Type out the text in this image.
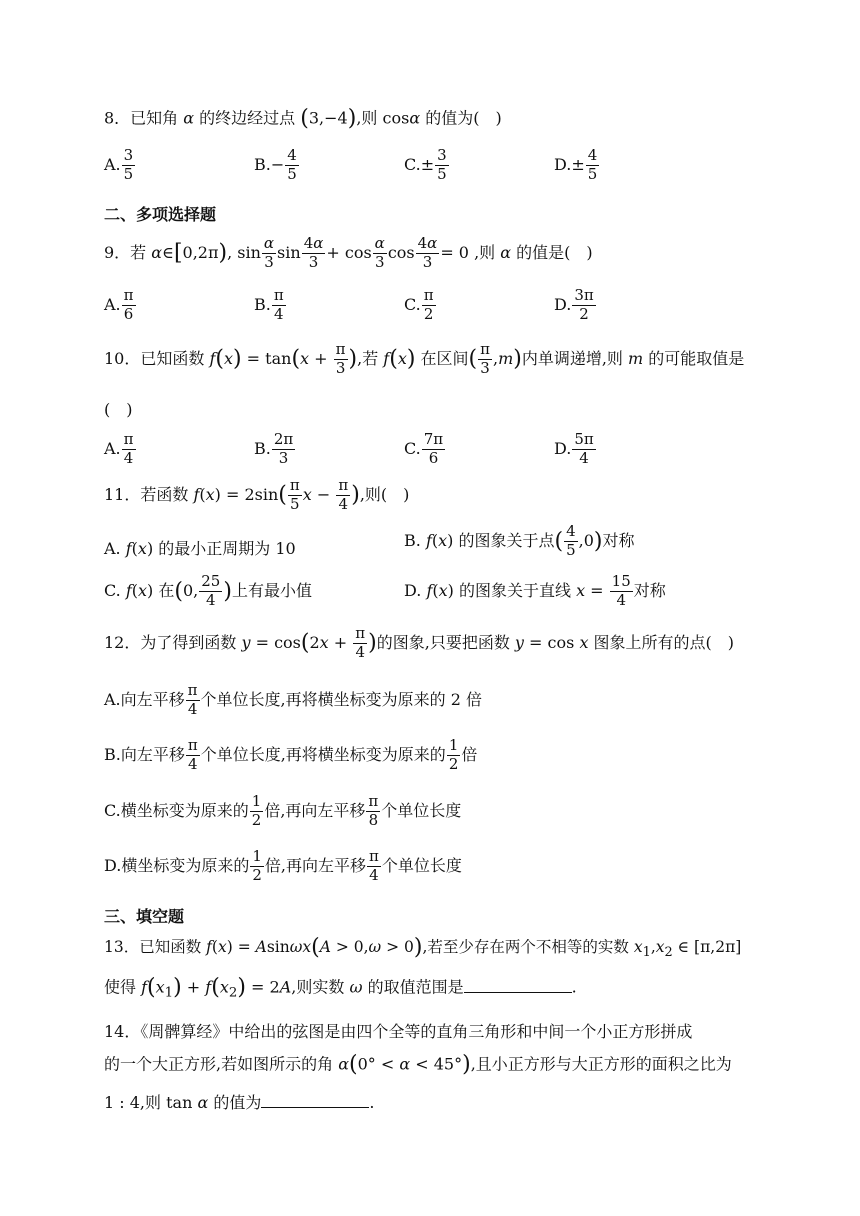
8．已知角 α 的终边经过点 (3,−4),则 cosα 的值为(　)
A. $\frac{3}{5}$	$B.- \frac{4}{5}$	$C.\pm \frac{3}{5}$	$D.\pm \frac{4}{5}$
二、多项选择题
9．若 α∈[0,2π), $\sin \frac{\alpha}{3}$ $\sin \frac{4\alpha}{3} + \cos \frac{\alpha}{3}$ $\cos \frac{4\alpha}{3} = 0$ ,则 α 的值是(　)
A. $\frac{\pi}{6}$	B. $\frac{\pi}{4}$	C. $\frac{\pi}{2}$	D. $\frac{3\pi}{2}$
10．已知函数 $f(x) = \tan(x + \frac{\pi}{3}$ ),若 f(x) 在区间( $\frac{\pi}{3} ,m$)内单调递增,则 m 的可能取值是
(　)
A. $\frac{\pi}{4}$	B. $\frac{2\pi}{3}$	C. $\frac{7\pi}{6}$	D. $\frac{5\pi}{4}$
11．若函数 $f(x) = 2\sin( \frac{\pi}{5}$ $x - \frac{\pi}{4}$ ),则(　)
A. f(x) 的最小正周期为 10	B. f(x) 的图象关于点( $\frac{4}{5} ,0$)对称
C. f(x) 在(0, $\frac{25}{4}$ )上有最小值	D. f(x) 的图象关于直线 $x = \frac{15}{4}$ 对称
12．为了得到函数 $y = \cos(2x + \frac{\pi}{4}$ )的图象,只要把函数 y = cos x 图象上所有的点(　)
A.向左平移 $\frac{\pi}{4}$ 个单位长度,再将横坐标变为原来的 2 倍
B.向左平移 $\frac{\pi}{4}$ 个单位长度,再将横坐标变为原来的 $\frac{1}{2}$ 倍
C.横坐标变为原来的 $\frac{1}{2}$ 倍,再向左平移 $\frac{\pi}{8}$ 个单位长度
D.横坐标变为原来的 $\frac{1}{2}$ 倍,再向左平移 $\frac{\pi}{4}$ 个单位长度
三、填空题
13．已知函数 f(x) = Asinωx(A > 0,ω > 0),若至少存在两个不相等的实数 $x_1,x_2$ ∈ [π,2π]
使得 $f(x_1) + f(x_2) = 2A$,则实数 ω 的取值范围是	.
14．《周髀算经》中给出的弦图是由四个全等的直角三角形和中间一个小正方形拼成
的一个大正方形,若如图所示的角 α(0° < α < 45°),且小正方形与大正方形的面积之比为
1 : 4,则 tan α 的值为	.
